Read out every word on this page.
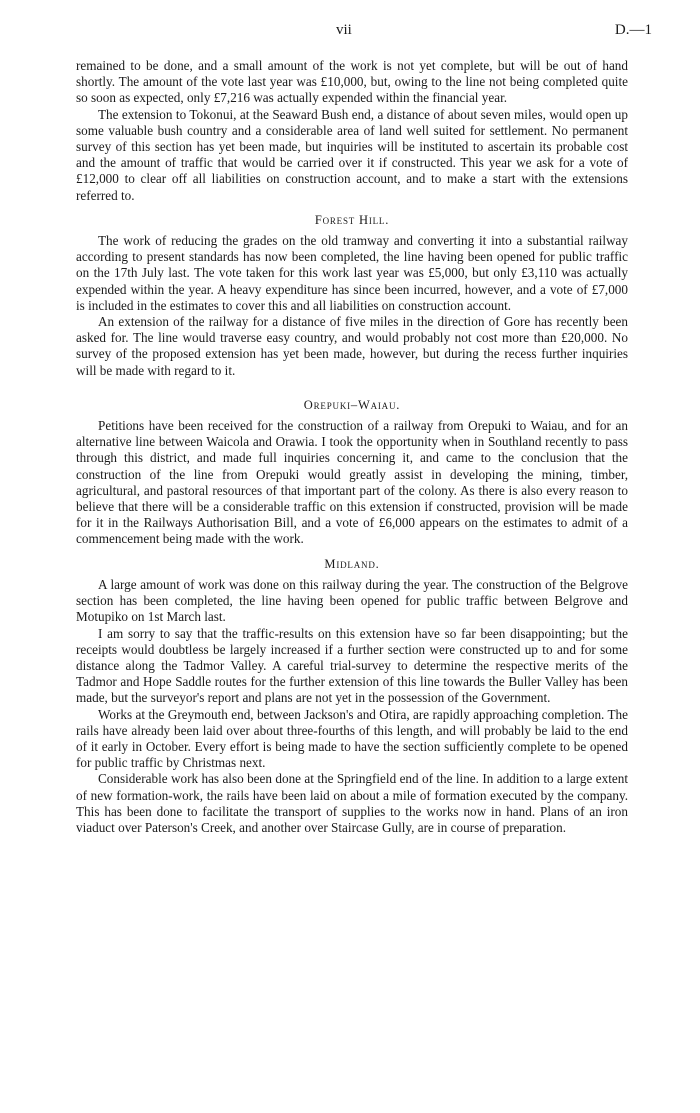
vii	D.—1

remained to be done, and a small amount of the work is not yet complete, but will be out of hand shortly. The amount of the vote last year was £10,000, but, owing to the line not being completed quite so soon as expected, only £7,216 was actually expended within the financial year.

The extension to Tokonui, at the Seaward Bush end, a distance of about seven miles, would open up some valuable bush country and a considerable area of land well suited for settlement. No permanent survey of this section has yet been made, but inquiries will be instituted to ascertain its probable cost and the amount of traffic that would be carried over it if constructed. This year we ask for a vote of £12,000 to clear off all liabilities on construction account, and to make a start with the extensions referred to.

Forest Hill.

The work of reducing the grades on the old tramway and converting it into a substantial railway according to present standards has now been completed, the line having been opened for public traffic on the 17th July last. The vote taken for this work last year was £5,000, but only £3,110 was actually expended within the year. A heavy expenditure has since been incurred, however, and a vote of £7,000 is included in the estimates to cover this and all liabilities on construction account.

An extension of the railway for a distance of five miles in the direction of Gore has recently been asked for. The line would traverse easy country, and would probably not cost more than £20,000. No survey of the proposed extension has yet been made, however, but during the recess further inquiries will be made with regard to it.

Orepuki–Waiau.

Petitions have been received for the construction of a railway from Orepuki to Waiau, and for an alternative line between Waicola and Orawia. I took the opportunity when in Southland recently to pass through this district, and made full inquiries concerning it, and came to the conclusion that the construction of the line from Orepuki would greatly assist in developing the mining, timber, agricultural, and pastoral resources of that important part of the colony. As there is also every reason to believe that there will be a considerable traffic on this extension if constructed, provision will be made for it in the Railways Authorisation Bill, and a vote of £6,000 appears on the estimates to admit of a commencement being made with the work.

Midland.

A large amount of work was done on this railway during the year. The construction of the Belgrove section has been completed, the line having been opened for public traffic between Belgrove and Motupiko on 1st March last.

I am sorry to say that the traffic-results on this extension have so far been disappointing; but the receipts would doubtless be largely increased if a further section were constructed up to and for some distance along the Tadmor Valley. A careful trial-survey to determine the respective merits of the Tadmor and Hope Saddle routes for the further extension of this line towards the Buller Valley has been made, but the surveyor's report and plans are not yet in the possession of the Government.

Works at the Greymouth end, between Jackson's and Otira, are rapidly approaching completion. The rails have already been laid over about three-fourths of this length, and will probably be laid to the end of it early in October. Every effort is being made to have the section sufficiently complete to be opened for public traffic by Christmas next.

Considerable work has also been done at the Springfield end of the line. In addition to a large extent of new formation-work, the rails have been laid on about a mile of formation executed by the company. This has been done to facilitate the transport of supplies to the works now in hand. Plans of an iron viaduct over Paterson's Creek, and another over Staircase Gully, are in course of preparation.
